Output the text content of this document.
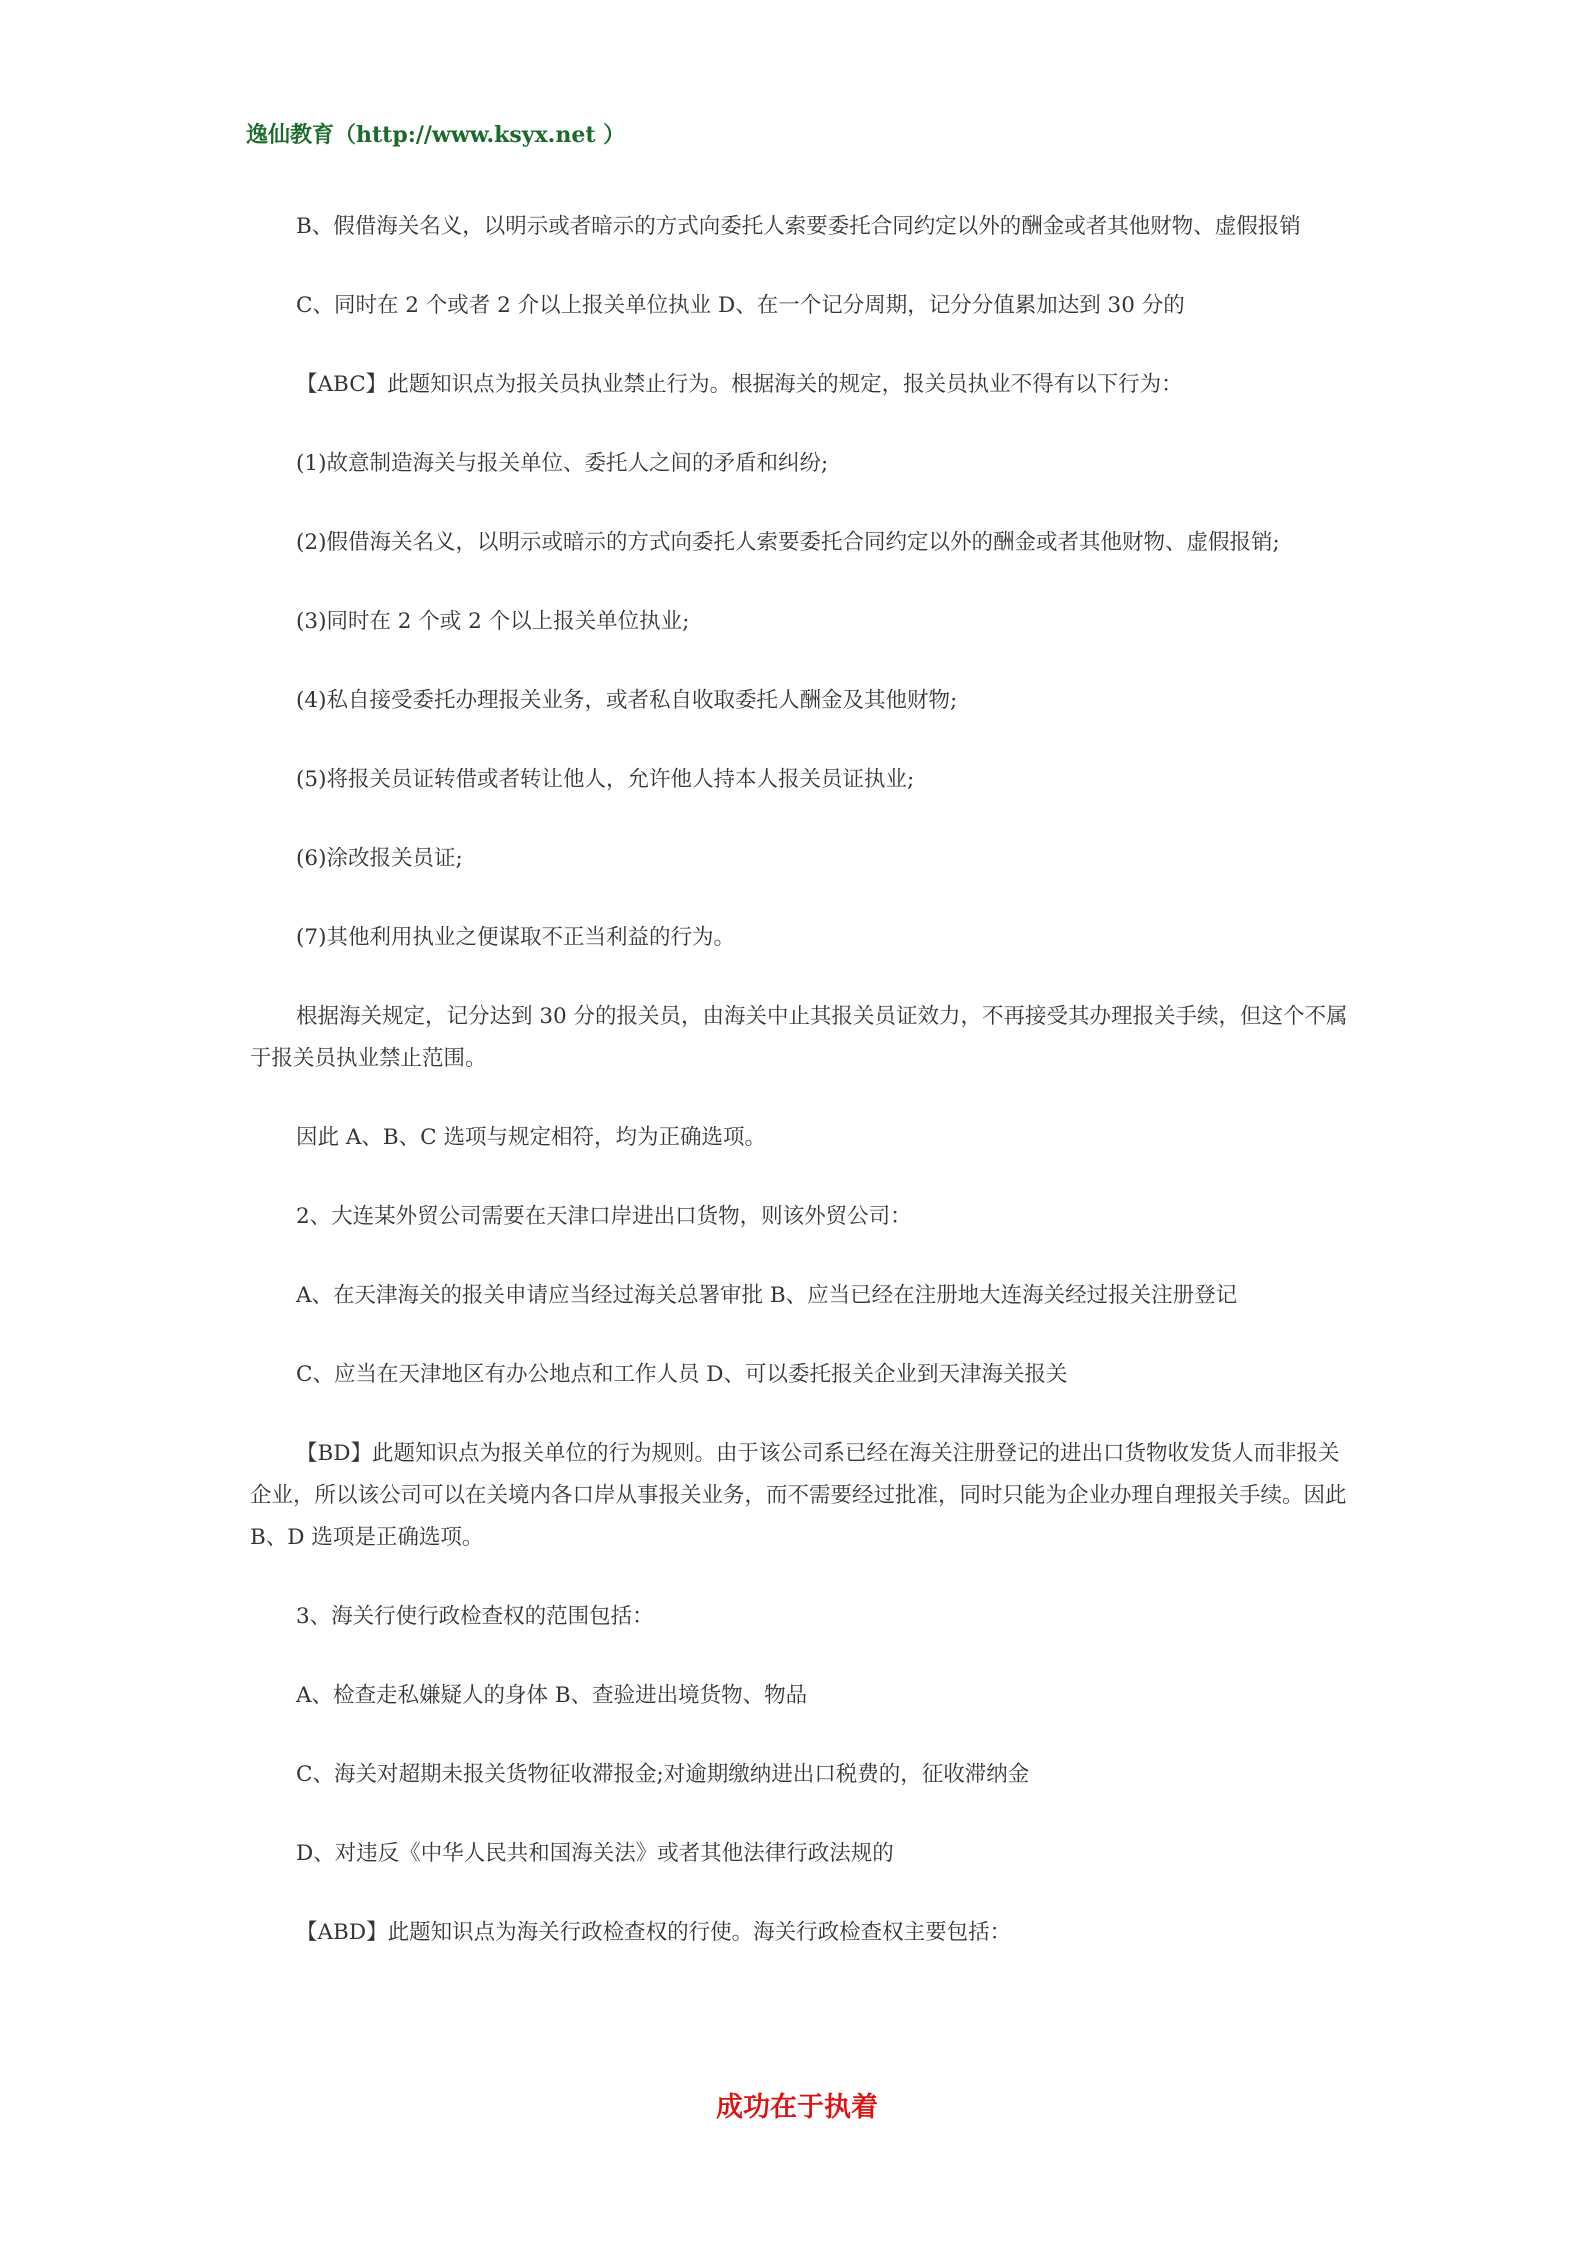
逸仙教育（http://www.ksyx.net ）

B、假借海关名义，以明示或者暗示的方式向委托人索要委托合同约定以外的酬金或者其他财物、虚假报销

C、同时在 2 个或者 2 介以上报关单位执业 D、在一个记分周期，记分分值累加达到 30 分的

【ABC】此题知识点为报关员执业禁止行为。根据海关的规定，报关员执业不得有以下行为：

(1)故意制造海关与报关单位、委托人之间的矛盾和纠纷;

(2)假借海关名义，以明示或暗示的方式向委托人索要委托合同约定以外的酬金或者其他财物、虚假报销;

(3)同时在 2 个或 2 个以上报关单位执业;

(4)私自接受委托办理报关业务，或者私自收取委托人酬金及其他财物;

(5)将报关员证转借或者转让他人，允许他人持本人报关员证执业;

(6)涂改报关员证;

(7)其他利用执业之便谋取不正当利益的行为。

根据海关规定，记分达到 30 分的报关员，由海关中止其报关员证效力，不再接受其办理报关手续，但这个不属于报关员执业禁止范围。

因此 A、B、C 选项与规定相符，均为正确选项。

2、大连某外贸公司需要在天津口岸进出口货物，则该外贸公司：

A、在天津海关的报关申请应当经过海关总署审批 B、应当已经在注册地大连海关经过报关注册登记

C、应当在天津地区有办公地点和工作人员 D、可以委托报关企业到天津海关报关

【BD】此题知识点为报关单位的行为规则。由于该公司系已经在海关注册登记的进出口货物收发货人而非报关企业，所以该公司可以在关境内各口岸从事报关业务，而不需要经过批准，同时只能为企业办理自理报关手续。因此 B、D 选项是正确选项。

3、海关行使行政检查权的范围包括：

A、检查走私嫌疑人的身体 B、查验进出境货物、物品

C、海关对超期未报关货物征收滞报金;对逾期缴纳进出口税费的，征收滞纳金

D、对违反《中华人民共和国海关法》或者其他法律行政法规的

【ABD】此题知识点为海关行政检查权的行使。海关行政检查权主要包括：

成功在于执着
